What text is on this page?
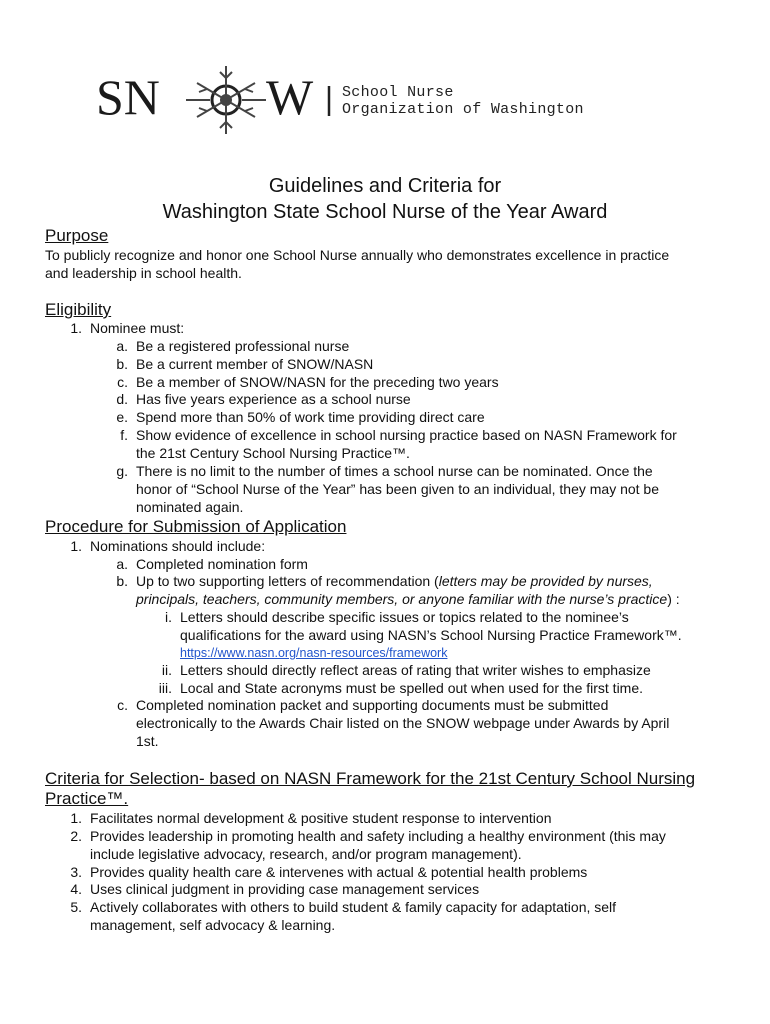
SN W School Nurse
Organization of Washington
Guidelines and Criteria for
Washington State School Nurse of the Year Award
Purpose
To publicly recognize and honor one School Nurse annually who demonstrates excellence in practice
and leadership in school health.
Eligibility
1. Nominee must:
a. Be a registered professional nurse
b. Be a current member of SNOW/NASN
c. Be a member of SNOW/NASN for the preceding two years
d. Has five years experience as a school nurse
e. Spend more than 50% of work time providing direct care
f. Show evidence of excellence in school nursing practice based on NASN Framework for
the 21st Century School Nursing Practice™.
g. There is no limit to the number of times a school nurse can be nominated. Once the
honor of “School Nurse of the Year” has been given to an individual, they may not be
nominated again.
Procedure for Submission of Application
1. Nominations should include:
a. Completed nomination form
b. Up to two supporting letters of recommendation (letters may be provided by nurses,
principals, teachers, community members, or anyone familiar with the nurse’s practice) :
i. Letters should describe specific issues or topics related to the nominee’s
qualifications for the award using NASN’s School Nursing Practice Framework™.
https://www.nasn.org/nasn-resources/framework
ii. Letters should directly reflect areas of rating that writer wishes to emphasize
iii. Local and State acronyms must be spelled out when used for the first time.
c. Completed nomination packet and supporting documents must be submitted
electronically to the Awards Chair listed on the SNOW webpage under Awards by April
1st.
Criteria for Selection- based on NASN Framework for the 21st Century School Nursing
Practice™.
1. Facilitates normal development & positive student response to intervention
2. Provides leadership in promoting health and safety including a healthy environment (this may
include legislative advocacy, research, and/or program management).
3. Provides quality health care & intervenes with actual & potential health problems
4. Uses clinical judgment in providing case management services
5. Actively collaborates with others to build student & family capacity for adaptation, self
management, self advocacy & learning.
